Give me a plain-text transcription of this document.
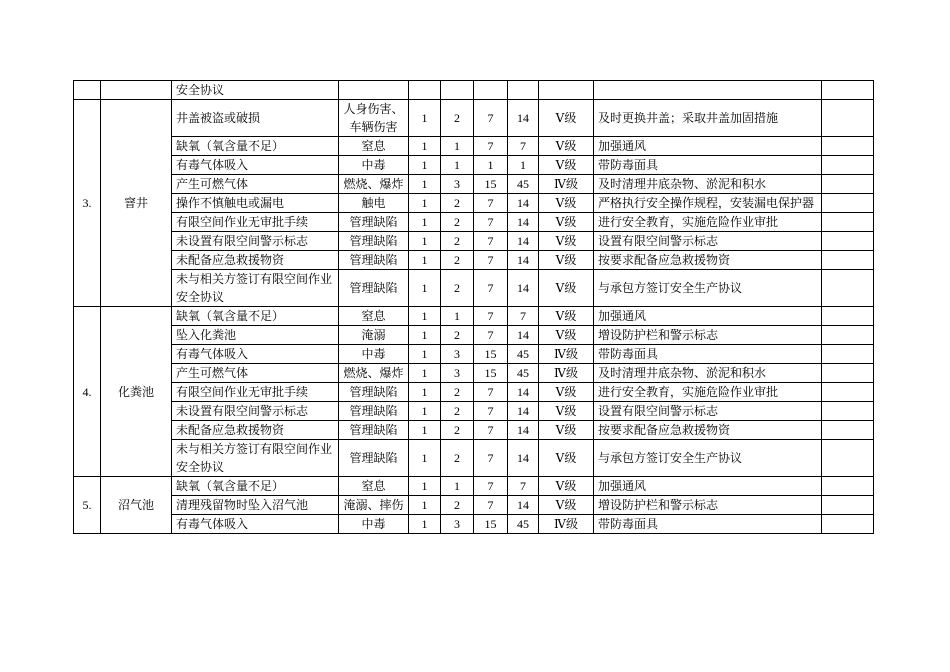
		安全协议								
3.	窨井	井盖被盗或破损	人身伤害、车辆伤害	1	2	7	14	Ⅴ级	及时更换井盖；采取井盖加固措施	
		缺氧（氧含量不足）	窒息	1	1	7	7	Ⅴ级	加强通风	
		有毒气体吸入	中毒	1	1	1	1	Ⅴ级	带防毒面具	
		产生可燃气体	燃烧、爆炸	1	3	15	45	Ⅳ级	及时清理井底杂物、淤泥和积水	
		操作不慎触电或漏电	触电	1	2	7	14	Ⅴ级	严格执行安全操作规程，安装漏电保护器	
		有限空间作业无审批手续	管理缺陷	1	2	7	14	Ⅴ级	进行安全教育，实施危险作业审批	
		未设置有限空间警示标志	管理缺陷	1	2	7	14	Ⅴ级	设置有限空间警示标志	
		未配备应急救援物资	管理缺陷	1	2	7	14	Ⅴ级	按要求配备应急救援物资	
		未与相关方签订有限空间作业安全协议	管理缺陷	1	2	7	14	Ⅴ级	与承包方签订安全生产协议	
4.	化粪池	缺氧（氧含量不足）	窒息	1	1	7	7	Ⅴ级	加强通风	
		坠入化粪池	淹溺	1	2	7	14	Ⅴ级	增设防护栏和警示标志	
		有毒气体吸入	中毒	1	3	15	45	Ⅳ级	带防毒面具	
		产生可燃气体	燃烧、爆炸	1	3	15	45	Ⅳ级	及时清理井底杂物、淤泥和积水	
		有限空间作业无审批手续	管理缺陷	1	2	7	14	Ⅴ级	进行安全教育，实施危险作业审批	
		未设置有限空间警示标志	管理缺陷	1	2	7	14	Ⅴ级	设置有限空间警示标志	
		未配备应急救援物资	管理缺陷	1	2	7	14	Ⅴ级	按要求配备应急救援物资	
		未与相关方签订有限空间作业安全协议	管理缺陷	1	2	7	14	Ⅴ级	与承包方签订安全生产协议	
5.	沼气池	缺氧（氧含量不足）	窒息	1	1	7	7	Ⅴ级	加强通风	
		清理残留物时坠入沼气池	淹溺、摔伤	1	2	7	14	Ⅴ级	增设防护栏和警示标志	
		有毒气体吸入	中毒	1	3	15	45	Ⅳ级	带防毒面具	
